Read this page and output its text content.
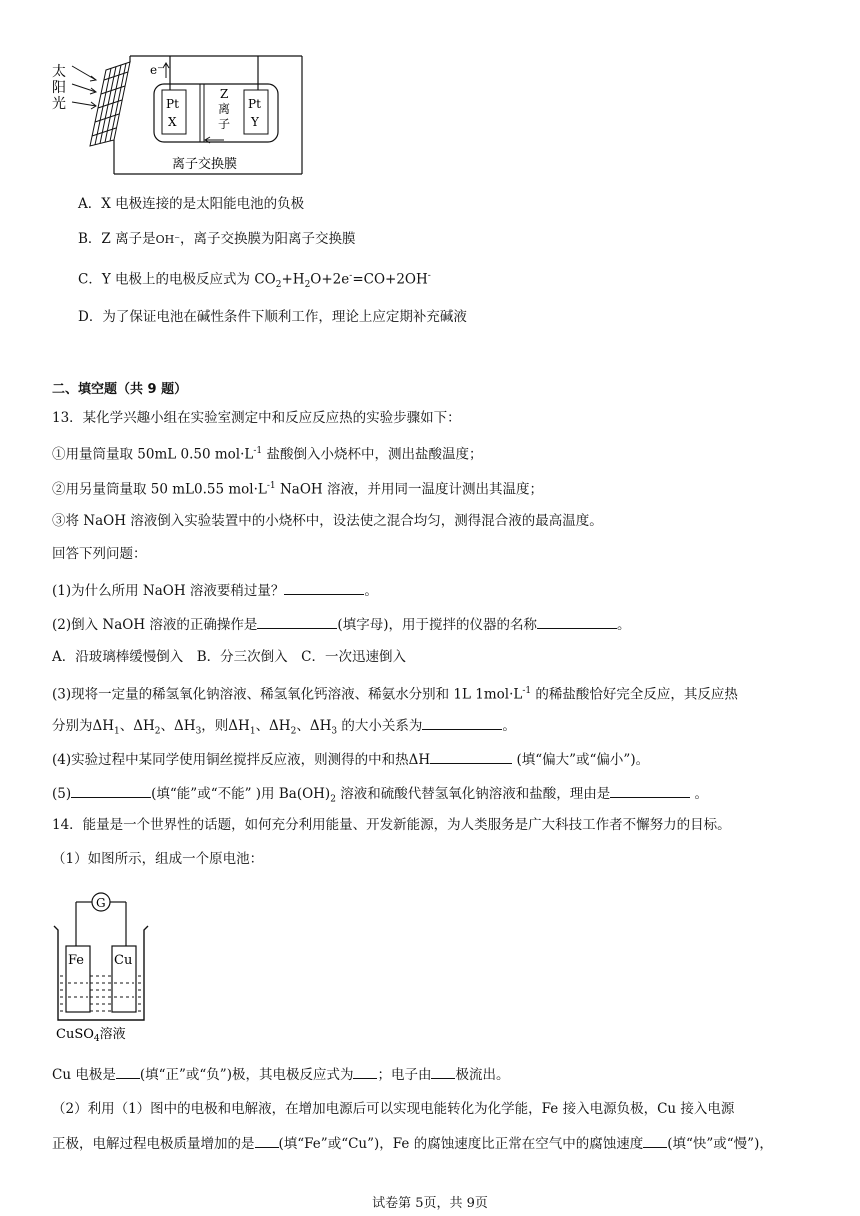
太
阳
光
e⁻
Pt
X
Z
离
子
Pt
Y
离子交换膜
A．X 电极连接的是太阳能电池的负极
B．Z 离子是OH⁻，离子交换膜为阳离子交换膜
C．Y 电极上的电极反应式为 $CO_2+H_2O+2e^-=CO+2OH^-$
D．为了保证电池在碱性条件下顺利工作，理论上应定期补充碱液
二、填空题（共 9 题）
13．某化学兴趣小组在实验室测定中和反应反应热的实验步骤如下：
①用量筒量取 50mL 0.50 $mol\cdot L^{-1}$ 盐酸倒入小烧杯中，测出盐酸温度；
②用另量筒量取 50 mL0.55 $mol\cdot L^{-1}$ NaOH 溶液，并用同一温度计测出其温度；
③将 NaOH 溶液倒入实验装置中的小烧杯中，设法使之混合均匀，测得混合液的最高温度。
回答下列问题：
(1)为什么所用 NaOH 溶液要稍过量？	。
(2)倒入 NaOH 溶液的正确操作是	(填字母)，用于搅拌的仪器的名称	。
A．沿玻璃棒缓慢倒入　B．分三次倒入　C．一次迅速倒入
(3)现将一定量的稀氢氧化钠溶液、稀氢氧化钙溶液、稀氨水分别和 1L $1mol\cdot L^{-1}$ 的稀盐酸恰好完全反应，其反应热
分别为$\Delta H_1$、$\Delta H_2$、$\Delta H_3$，则$\Delta H_1$、$\Delta H_2$、$\Delta H_3$ 的大小关系为	。
(4)实验过程中某同学使用铜丝搅拌反应液，则测得的中和热ΔH	(填“偏大”或“偏小”)。
(5)	(填“能”或“不能” )用 $Ba(OH)_2$ 溶液和硫酸代替氢氧化钠溶液和盐酸，理由是	。
14．能量是一个世界性的话题，如何充分利用能量、开发新能源，为人类服务是广大科技工作者不懈努力的目标。
（1）如图所示，组成一个原电池：
G
Fe Cu
CuSO$_4$溶液
Cu 电极是 (填“正”或“负”)极，其电极反应式为 ；电子由 极流出。
（2）利用（1）图中的电极和电解液，在增加电源后可以实现电能转化为化学能，Fe 接入电源负极，Cu 接入电源
正极，电解过程电极质量增加的是 (填“Fe”或“Cu”)，Fe 的腐蚀速度比正常在空气中的腐蚀速度 (填“快”或“慢”)，
试卷第 5页，共 9页
